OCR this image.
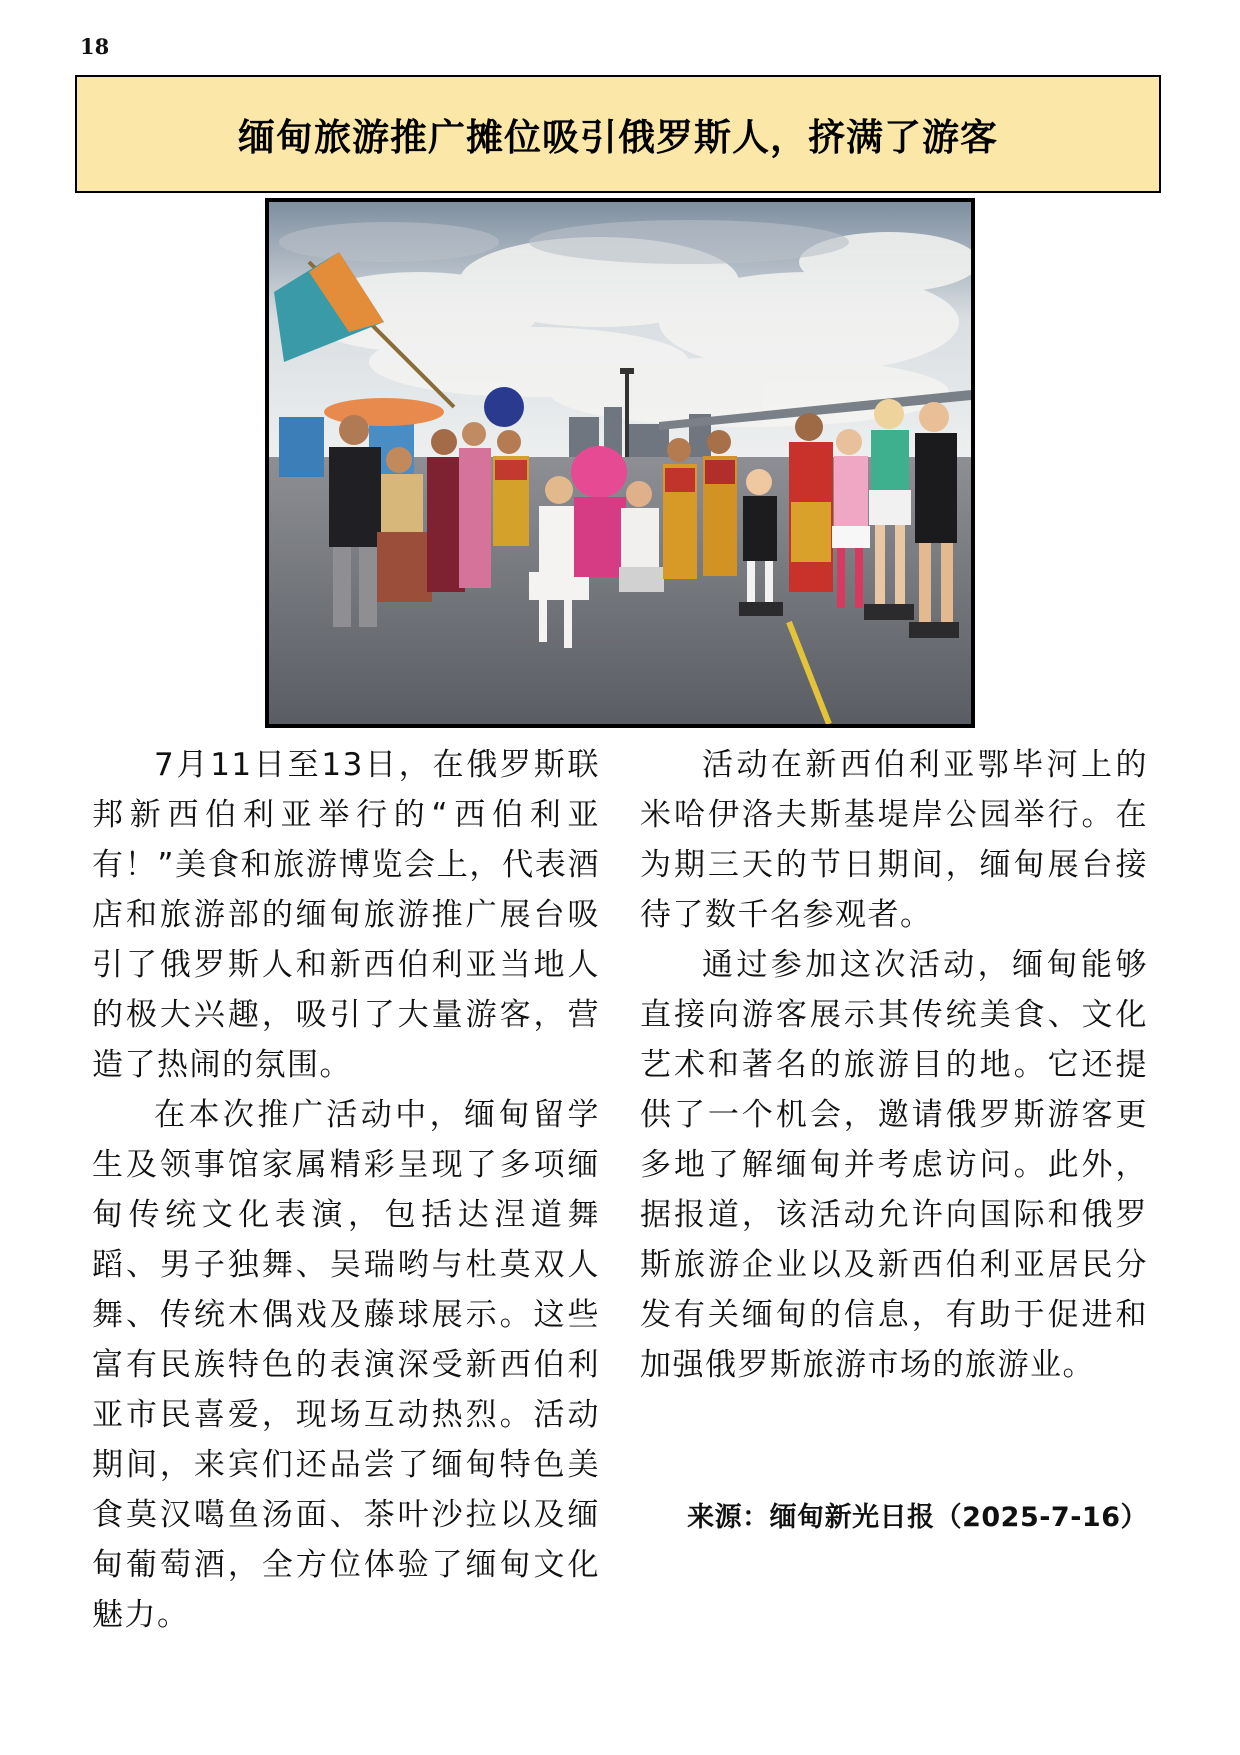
18
缅甸旅游推广摊位吸引俄罗斯人，挤满了游客

7月11日至13日，在俄罗斯联邦新西伯利亚举行的“西伯利亚有！”美食和旅游博览会上，代表酒店和旅游部的缅甸旅游推广展台吸引了俄罗斯人和新西伯利亚当地人的极大兴趣，吸引了大量游客，营造了热闹的氛围。

在本次推广活动中，缅甸留学生及领事馆家属精彩呈现了多项缅甸传统文化表演，包括达涅道舞蹈、男子独舞、吴瑞哟与杜莫双人舞、传统木偶戏及藤球展示。这些富有民族特色的表演深受新西伯利亚市民喜爱，现场互动热烈。活动期间，来宾们还品尝了缅甸特色美食莫汉噶鱼汤面、茶叶沙拉以及缅甸葡萄酒，全方位体验了缅甸文化魅力。

活动在新西伯利亚鄂毕河上的米哈伊洛夫斯基堤岸公园举行。在为期三天的节日期间，缅甸展台接待了数千名参观者。

通过参加这次活动，缅甸能够直接向游客展示其传统美食、文化艺术和著名的旅游目的地。它还提供了一个机会，邀请俄罗斯游客更多地了解缅甸并考虑访问。此外，据报道，该活动允许向国际和俄罗斯旅游企业以及新西伯利亚居民分发有关缅甸的信息，有助于促进和加强俄罗斯旅游市场的旅游业。

来源：缅甸新光日报（2025-7-16）
